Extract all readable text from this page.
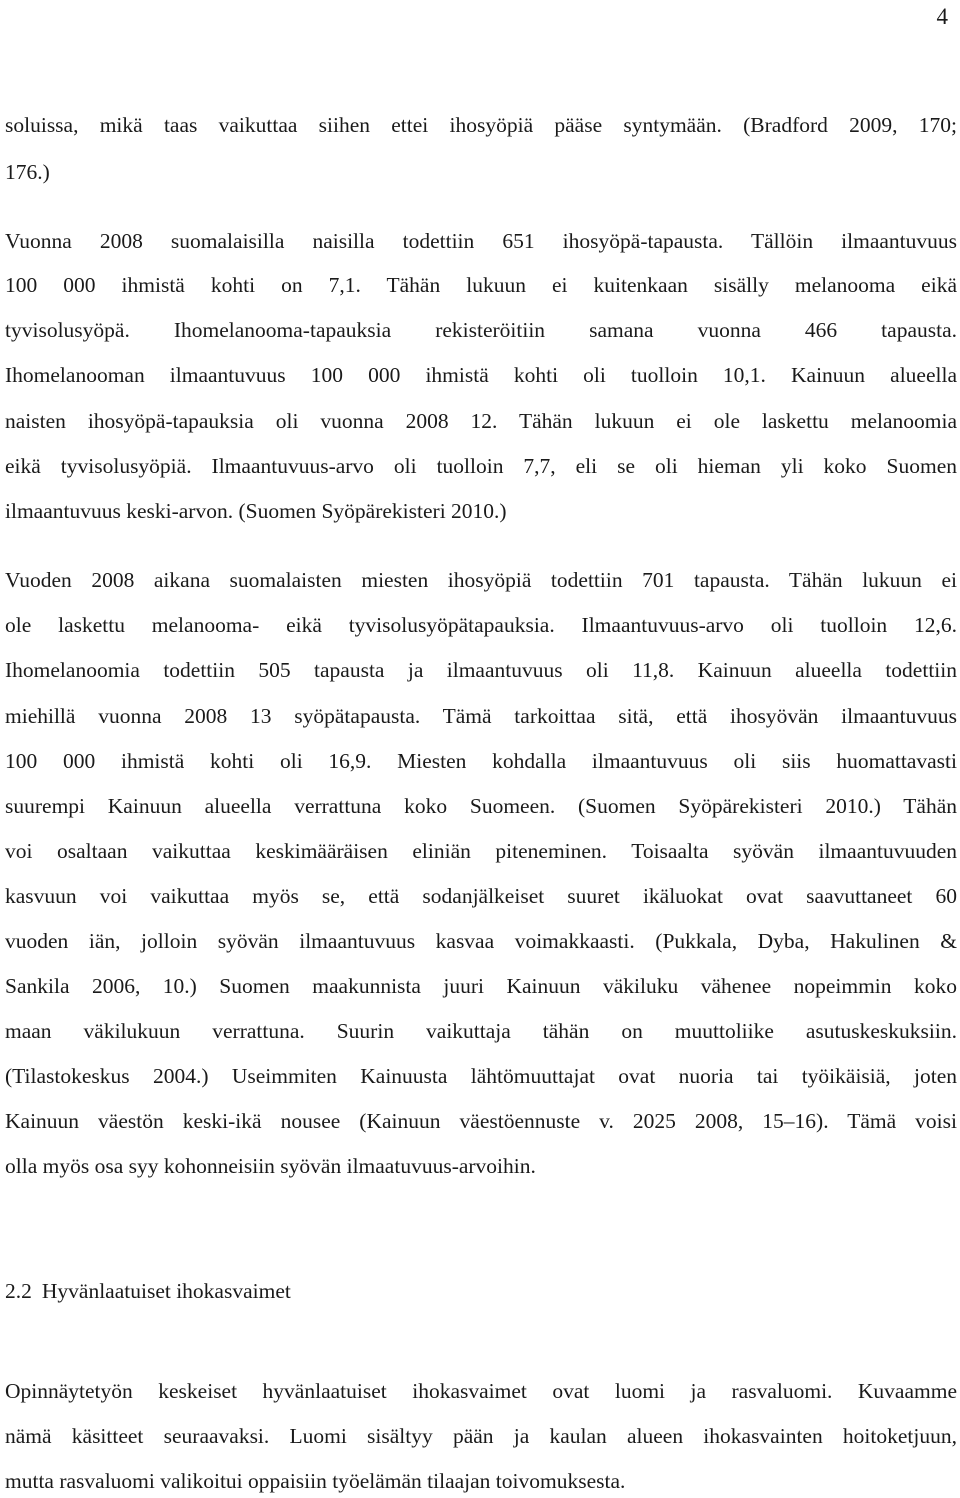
4
soluissa, mikä taas vaikuttaa siihen ettei ihosyöpiä pääse syntymään. (Bradford 2009, 170;
176.)
Vuonna 2008 suomalaisilla naisilla todettiin 651 ihosyöpä-tapausta. Tällöin ilmaantuvuus
100 000 ihmistä kohti on 7,1. Tähän lukuun ei kuitenkaan sisälly melanooma eikä
tyvisolusyöpä. Ihomelanooma-tapauksia rekisteröitiin samana vuonna 466 tapausta.
Ihomelanooman ilmaantuvuus 100 000 ihmistä kohti oli tuolloin 10,1. Kainuun alueella
naisten ihosyöpä-tapauksia oli vuonna 2008 12. Tähän lukuun ei ole laskettu melanoomia
eikä tyvisolusyöpiä. Ilmaantuvuus-arvo oli tuolloin 7,7, eli se oli hieman yli koko Suomen
ilmaantuvuus keski-arvon. (Suomen Syöpärekisteri 2010.)
Vuoden 2008 aikana suomalaisten miesten ihosyöpiä todettiin 701 tapausta. Tähän lukuun ei
ole laskettu melanooma- eikä tyvisolusyöpätapauksia. Ilmaantuvuus-arvo oli tuolloin 12,6.
Ihomelanoomia todettiin 505 tapausta ja ilmaantuvuus oli 11,8. Kainuun alueella todettiin
miehillä vuonna 2008 13 syöpätapausta. Tämä tarkoittaa sitä, että ihosyövän ilmaantuvuus
100 000 ihmistä kohti oli 16,9. Miesten kohdalla ilmaantuvuus oli siis huomattavasti
suurempi Kainuun alueella verrattuna koko Suomeen. (Suomen Syöpärekisteri 2010.) Tähän
voi osaltaan vaikuttaa keskimääräisen eliniän piteneminen. Toisaalta syövän ilmaantuvuuden
kasvuun voi vaikuttaa myös se, että sodanjälkeiset suuret ikäluokat ovat saavuttaneet 60
vuoden iän, jolloin syövän ilmaantuvuus kasvaa voimakkaasti. (Pukkala, Dyba, Hakulinen &
Sankila 2006, 10.) Suomen maakunnista juuri Kainuun väkiluku vähenee nopeimmin koko
maan väkilukuun verrattuna. Suurin vaikuttaja tähän on muuttoliike asutuskeskuksiin.
(Tilastokeskus 2004.) Useimmiten Kainuusta lähtömuuttajat ovat nuoria tai työikäisiä, joten
Kainuun väestön keski-ikä nousee (Kainuun väestöennuste v. 2025 2008, 15–16). Tämä voisi
olla myös osa syy kohonneisiin syövän ilmaatuvuus-arvoihin.
2.2 Hyvänlaatuiset ihokasvaimet
Opinnäytetyön keskeiset hyvänlaatuiset ihokasvaimet ovat luomi ja rasvaluomi. Kuvaamme
nämä käsitteet seuraavaksi. Luomi sisältyy pään ja kaulan alueen ihokasvainten hoitoketjuun,
mutta rasvaluomi valikoitui oppaisiin työelämän tilaajan toivomuksesta.
